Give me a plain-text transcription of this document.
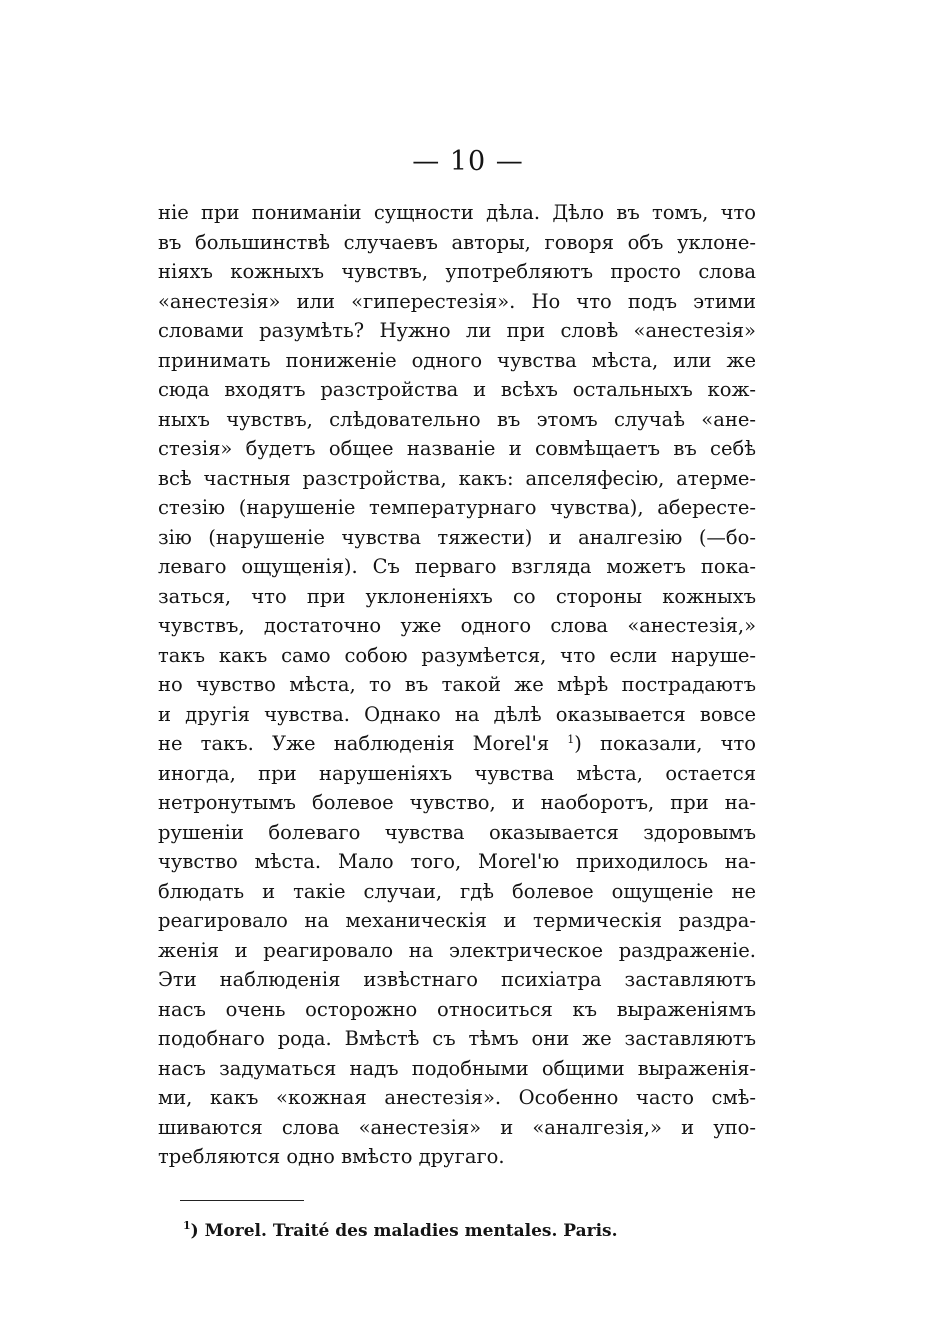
— 10 —
ніе при пониманіи сущности дѣла. Дѣло въ томъ, что
въ большинствѣ случаевъ авторы, говоря объ уклоне-
ніяхъ кожныхъ чувствъ, употребляютъ просто слова
«анестезія» или «гиперестезія». Но что подъ этими
словами разумѣть? Нужно ли при словѣ «анестезія»
принимать пониженіе одного чувства мѣста, или же
сюда входятъ разстройства и всѣхъ остальныхъ кож-
ныхъ чувствъ, слѣдовательно въ этомъ случаѣ «ане-
стезія» будетъ общее названіе и совмѣщаетъ въ себѣ
всѣ частныя разстройства, какъ: апселяфесію, атерме-
стезію (нарушеніе температурнаго чувства), абересте-
зію (нарушеніе чувства тяжести) и аналгезію (—бо-
леваго ощущенія). Съ перваго взгляда можетъ пока-
заться, что при уклоненіяхъ со стороны кожныхъ
чувствъ, достаточно уже одного слова «анестезія,»
такъ какъ само собою разумѣется, что если наруше-
но чувство мѣста, то въ такой же мѣрѣ пострадаютъ
и другія чувства. Однако на дѣлѣ оказывается вовсе
не такъ. Уже наблюденія Morel'я $^1$) показали, что
иногда, при нарушеніяхъ чувства мѣста, остается
нетронутымъ болевое чувство, и наоборотъ, при на-
рушеніи болеваго чувства оказывается здоровымъ
чувство мѣста. Мало того, Morel'ю приходилось на-
блюдать и такіе случаи, гдѣ болевое ощущеніе не
реагировало на механическія и термическія раздра-
женія и реагировало на электрическое раздраженіе.
Эти наблюденія извѣстнаго психіатра заставляютъ
насъ очень осторожно относиться къ выраженіямъ
подобнаго рода. Вмѣстѣ съ тѣмъ они же заставляютъ
насъ задуматься надъ подобными общими выраженія-
ми, какъ «кожная анестезія». Особенно часто смѣ-
шиваются слова «анестезія» и «аналгезія,» и упо-
требляются одно вмѣсто другаго.
$^1$) Morel. Traité des maladies mentales. Paris.
